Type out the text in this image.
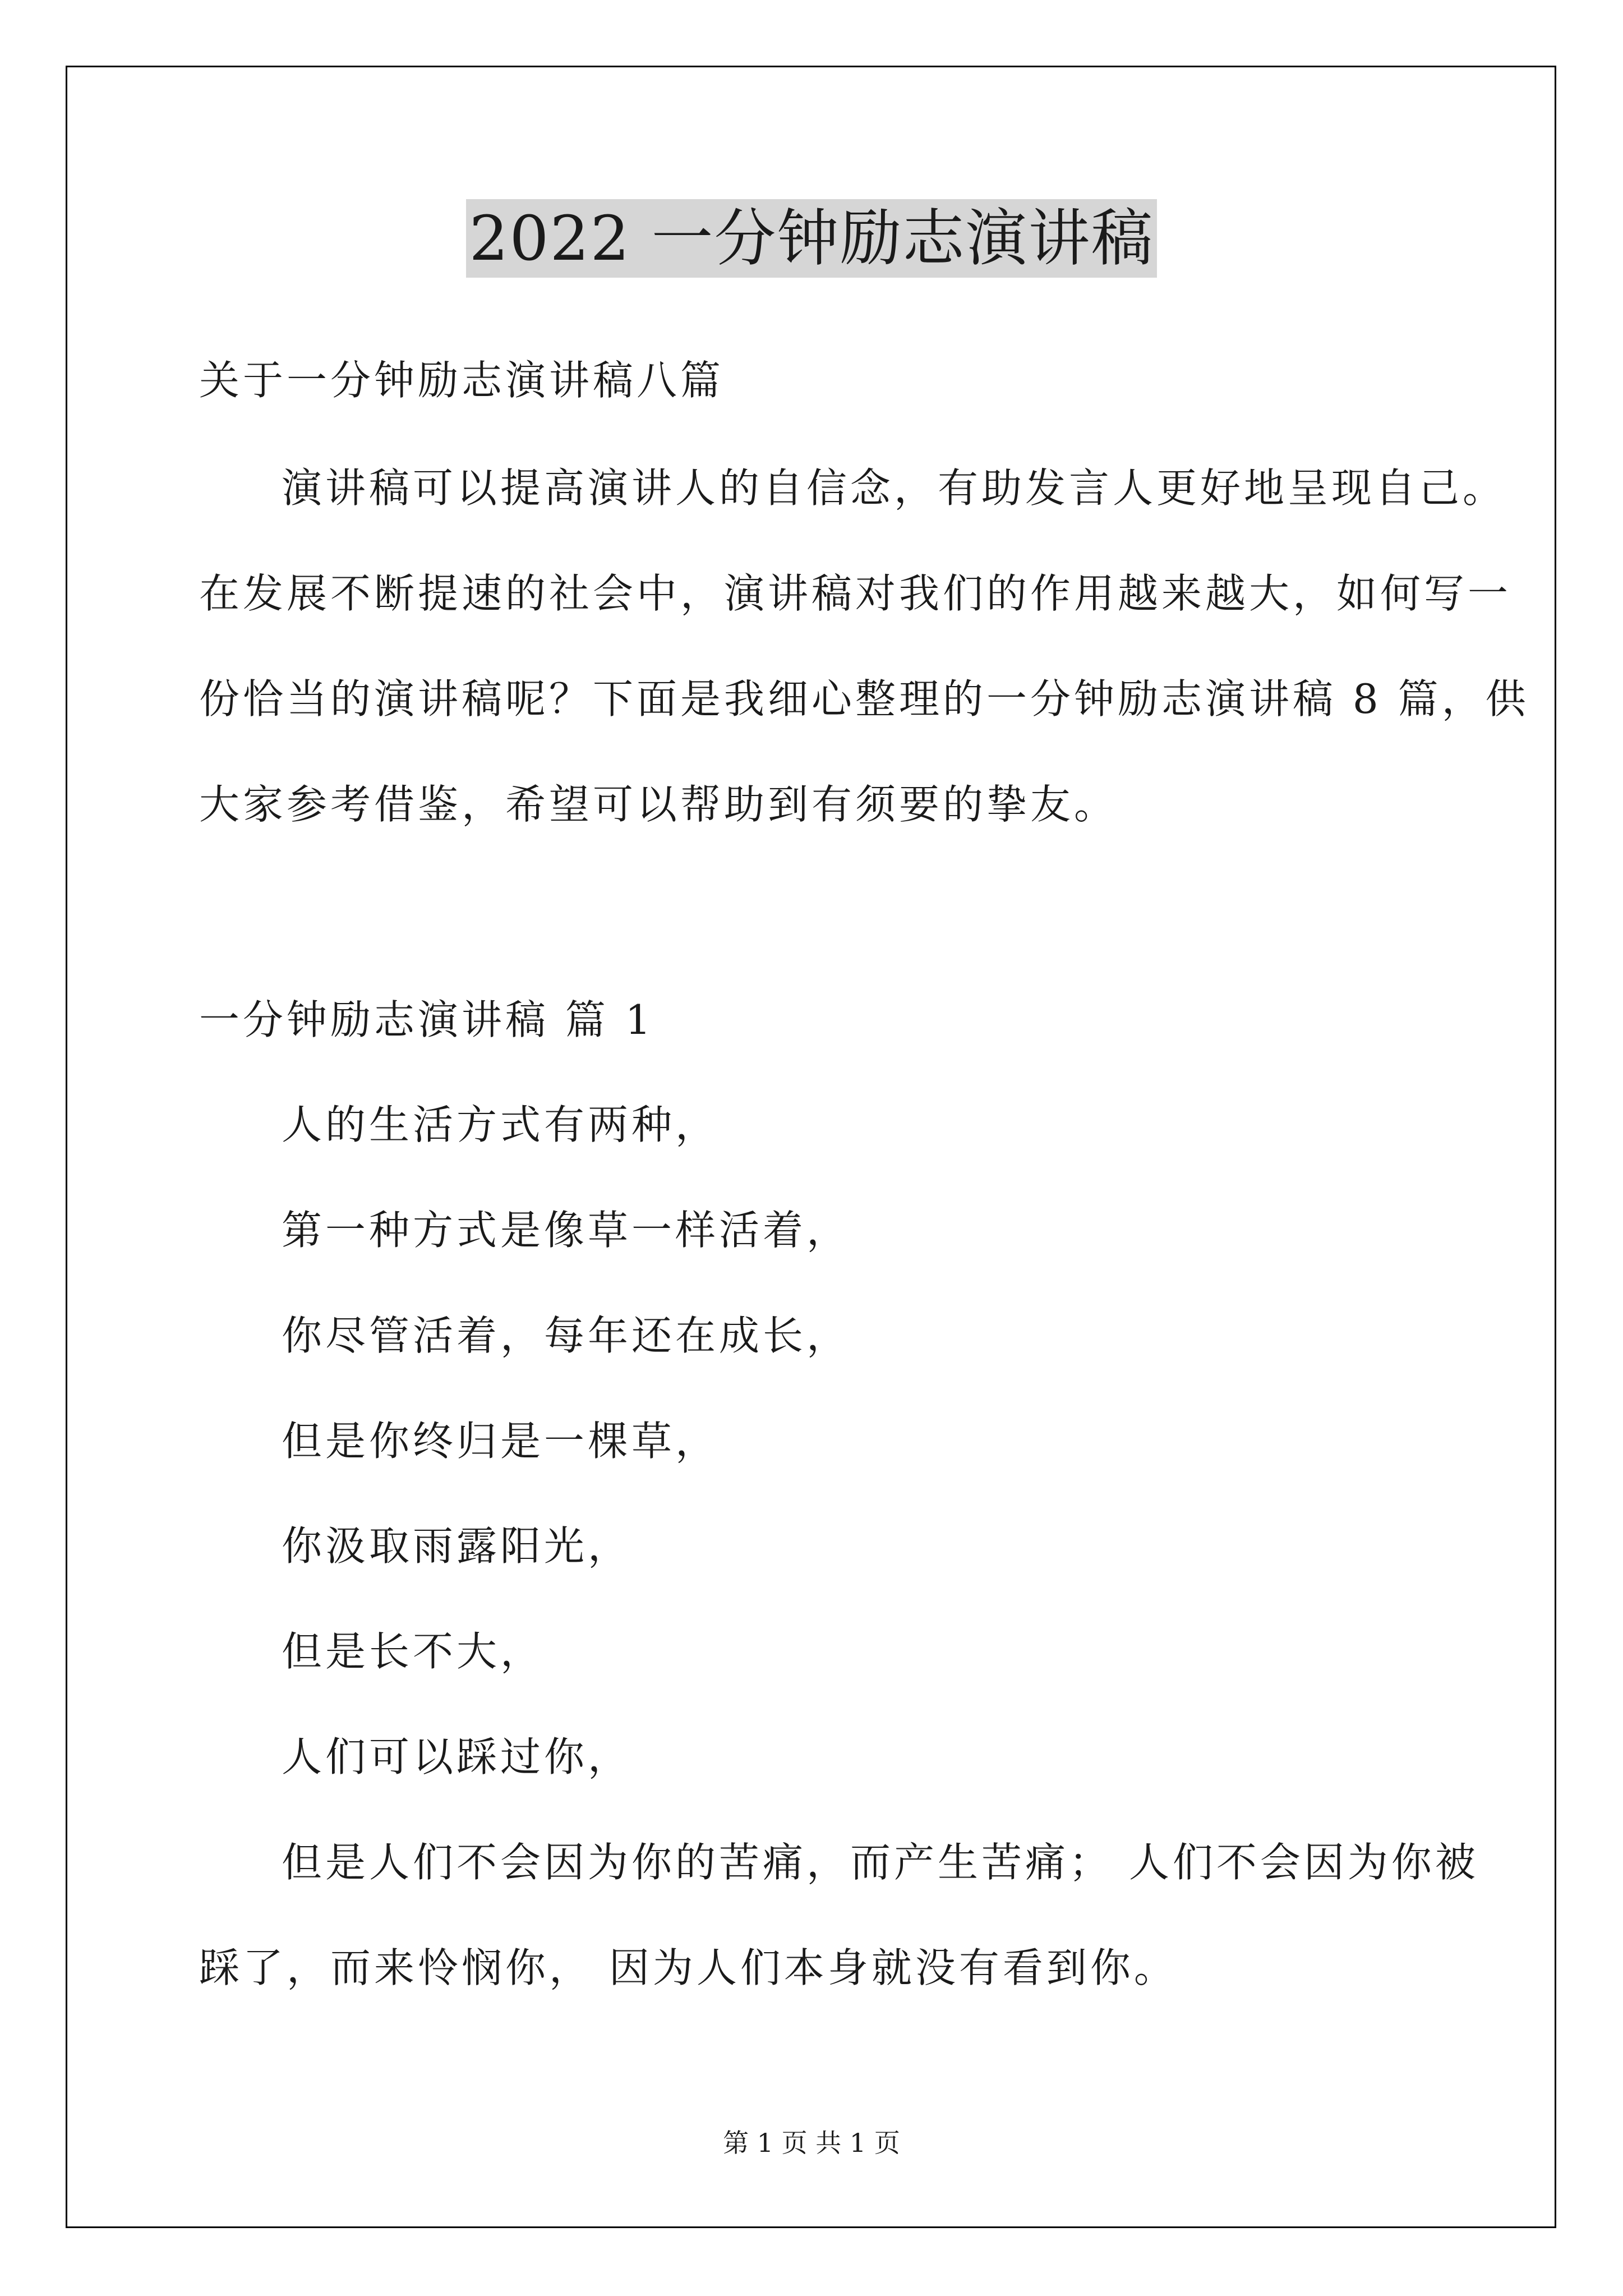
2022 一分钟励志演讲稿
关于一分钟励志演讲稿八篇
演讲稿可以提高演讲人的自信念，有助发言人更好地呈现自己。
在发展不断提速的社会中，演讲稿对我们的作用越来越大，如何写一
份恰当的演讲稿呢？下面是我细心整理的一分钟励志演讲稿 8 篇，供
大家参考借鉴，希望可以帮助到有须要的挚友。
一分钟励志演讲稿 篇 1
人的生活方式有两种，
第一种方式是像草一样活着，
你尽管活着，每年还在成长，
但是你终归是一棵草，
你汲取雨露阳光，
但是长不大，
人们可以踩过你，
但是人们不会因为你的苦痛，而产生苦痛； 人们不会因为你被
踩了，而来怜悯你， 因为人们本身就没有看到你。
第 1 页 共 1 页
